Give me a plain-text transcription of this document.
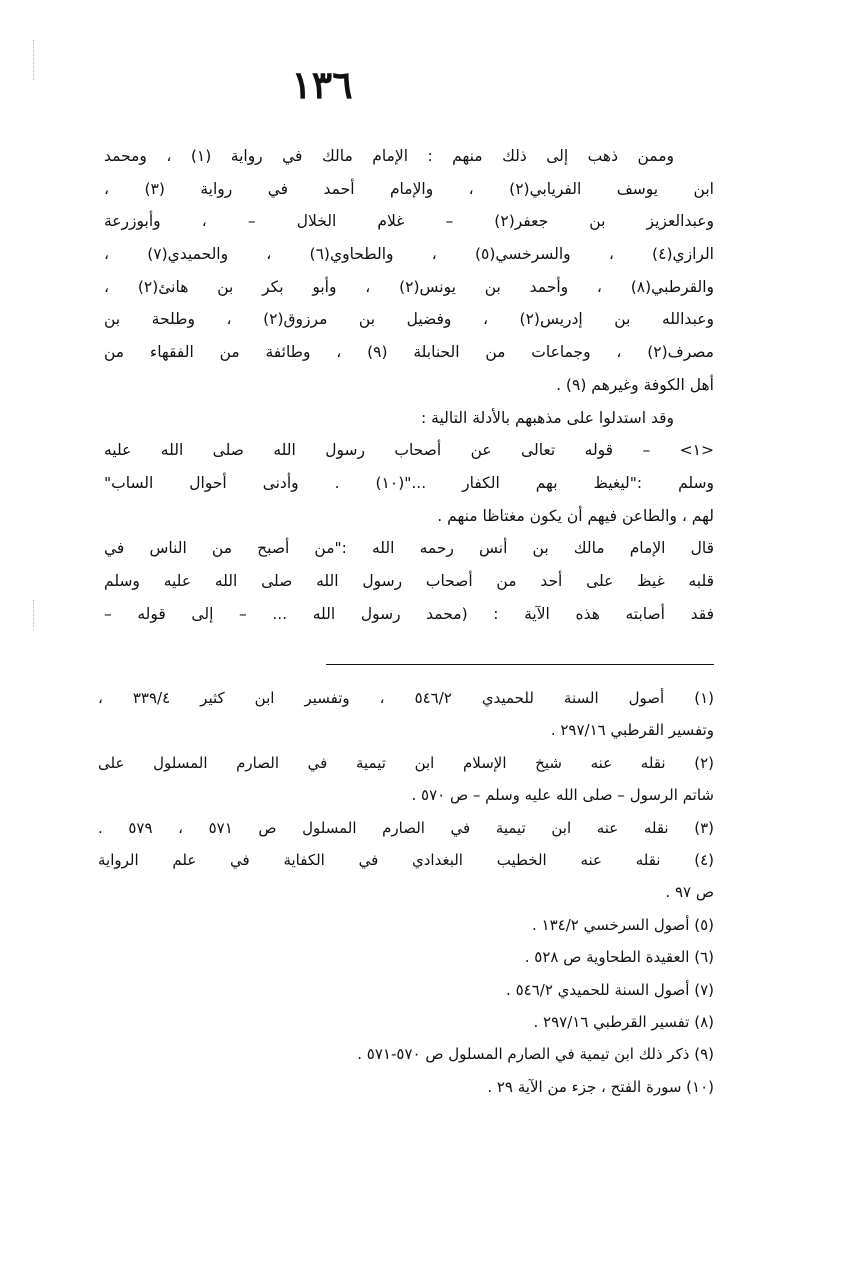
١٣٦
وممن ذهب إلى ذلك منهم : الإمام مالك في رواية (١) ، ومحمد
ابن يوسف الفريابي(٢) ، والإمام أحمد في رواية (٣) ،
وعبدالعزيز بن جعفر(٢) – غلام الخلال – ، وأبوزرعة
الرازي(٤) ، والسرخسي(٥) ، والطحاوي(٦) ، والحميدي(٧) ،
والقرطبي(٨) ، وأحمد بن يونس(٢) ، وأبو بكر بن هانئ(٢) ،
وعبدالله بن إدريس(٢) ، وفضيل بن مرزوق(٢) ، وطلحة بن
مصرف(٢) ، وجماعات من الحنابلة (٩) ، وطائفة من الفقهاء من
أهل الكوفة وغيرهم (٩) .
وقد استدلوا على مذهبهم بالأدلة التالية :
<١> – قوله تعالى عن أصحاب رسول الله صلى الله عليه
وسلم :"ليغيظ بهم الكفار ..."(١٠) . وأدنى أحوال الساب"
لهم ، والطاعن فيهم أن يكون مغتاظا منهم .
قال الإمام مالك بن أنس رحمه الله :"من أصبح من الناس في
قلبه غيظ على أحد من أصحاب رسول الله صلى الله عليه وسلم
فقد أصابته هذه الآية : (محمد رسول الله ... – إلى قوله –
(١) أصول السنة للحميدي ٥٤٦/٢ ، وتفسير ابن كثير ٣٣٩/٤ ،
وتفسير القرطبي ٢٩٧/١٦ .
(٢) نقله عنه شيخ الإسلام ابن تيمية في الصارم المسلول على
شاتم الرسول – صلى الله عليه وسلم – ص ٥٧٠ .
(٣) نقله عنه ابن تيمية في الصارم المسلول ص ٥٧١ ، ٥٧٩ .
(٤) نقله عنه الخطيب البغدادي في الكفاية في علم الرواية
ص ٩٧ .
(٥) أصول السرخسي ١٣٤/٢ .
(٦) العقيدة الطحاوية ص ٥٢٨ .
(٧) أصول السنة للحميدي ٥٤٦/٢ .
(٨) تفسير القرطبي ٢٩٧/١٦ .
(٩) ذكر ذلك ابن تيمية في الصارم المسلول ص ٥٧٠-٥٧١ .
(١٠) سورة الفتح ، جزء من الآية ٢٩ .
